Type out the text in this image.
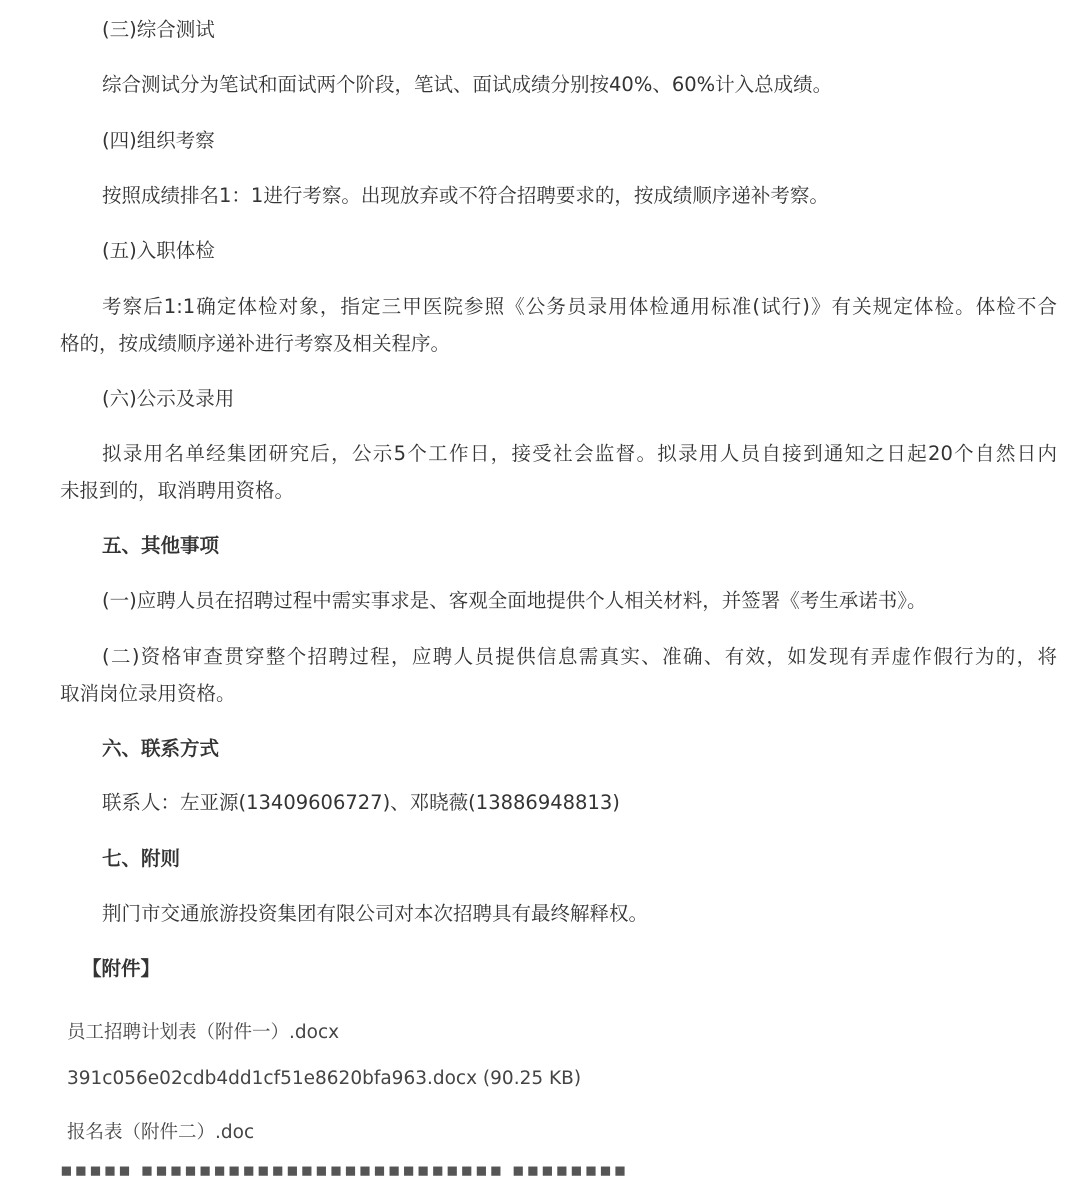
(三)综合测试
综合测试分为笔试和面试两个阶段，笔试、面试成绩分别按40%、60%计入总成绩。
(四)组织考察
按照成绩排名1：1进行考察。出现放弃或不符合招聘要求的，按成绩顺序递补考察。
(五)入职体检
考察后1:1确定体检对象，指定三甲医院参照《公务员录用体检通用标准(试行)》有关规定体检。体检不合
格的，按成绩顺序递补进行考察及相关程序。
(六)公示及录用
拟录用名单经集团研究后，公示5个工作日，接受社会监督。拟录用人员自接到通知之日起20个自然日内
未报到的，取消聘用资格。
五、其他事项
(一)应聘人员在招聘过程中需实事求是、客观全面地提供个人相关材料，并签署《考生承诺书》。
(二)资格审查贯穿整个招聘过程，应聘人员提供信息需真实、准确、有效，如发现有弄虚作假行为的，将
取消岗位录用资格。
六、联系方式
联系人：左亚源(13409606727)、邓晓薇(13886948813)
七、附则
荆门市交通旅游投资集团有限公司对本次招聘具有最终解释权。
【附件】
员工招聘计划表（附件一）.docx
391c056e02cdb4dd1cf51e8620bfa963.docx (90.25 KB)
报名表（附件二）.doc
▪▪▪▪▪ ▪▪▪▪▪▪▪▪▪▪▪▪▪▪▪▪▪▪▪▪▪▪▪▪▪ ▪▪▪▪▪▪▪▪
